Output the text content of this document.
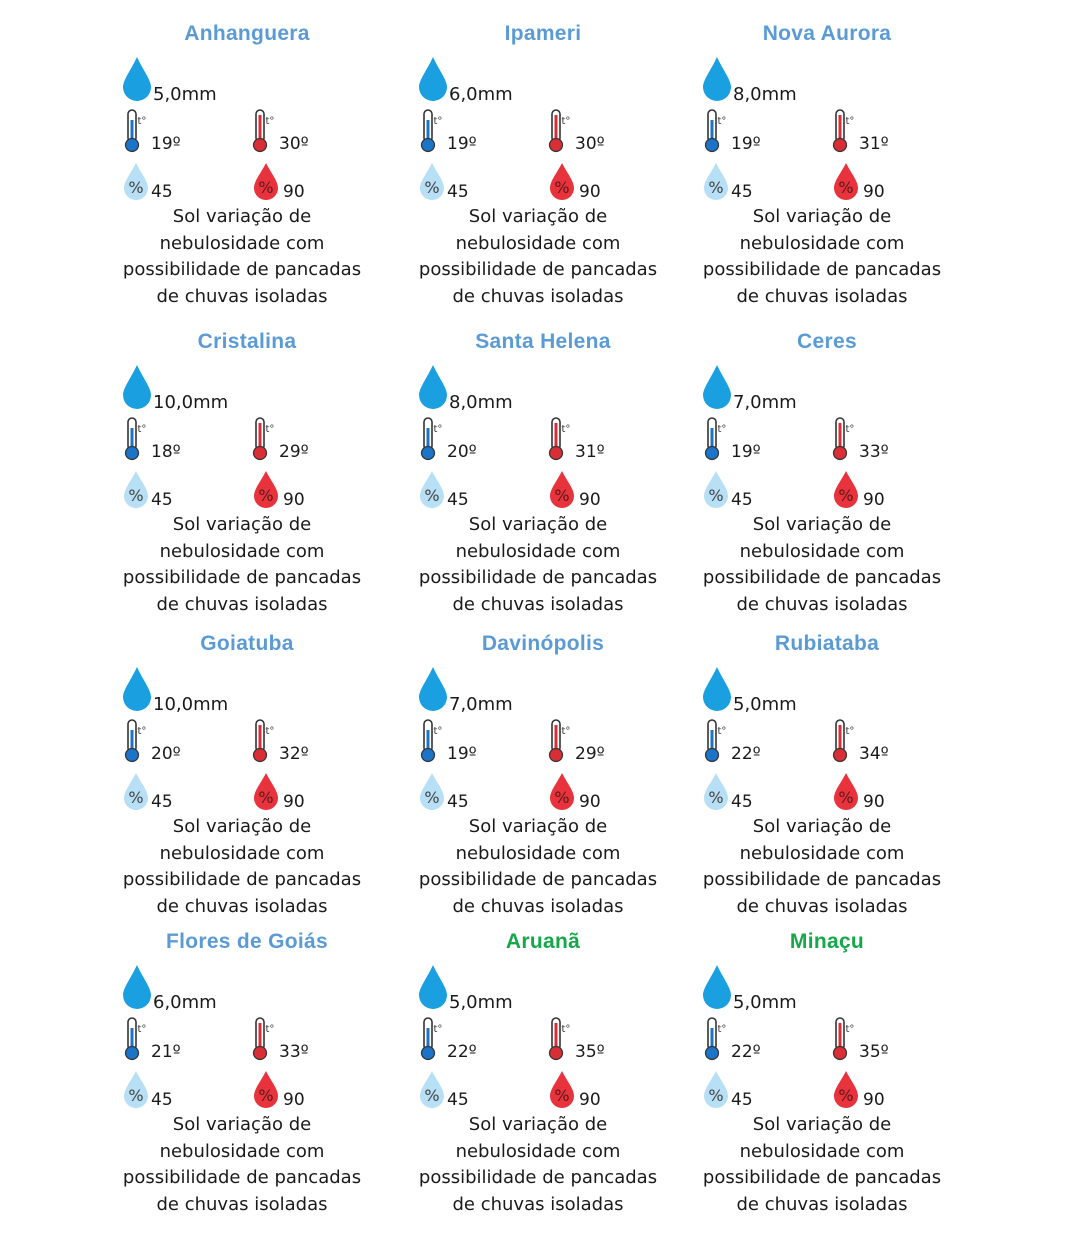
Anhanguera
5,0mm
t°
19º
t°
30º
% 45	% 90
Sol variação de nebulosidade com possibilidade de pancadas de chuvas isoladas
Ipameri
6,0mm
t°
19º
t°
30º
% 45	% 90
Sol variação de nebulosidade com possibilidade de pancadas de chuvas isoladas
Nova Aurora
8,0mm
t°
19º
t°
31º
% 45	% 90
Sol variação de nebulosidade com possibilidade de pancadas de chuvas isoladas
Cristalina
10,0mm
t°
18º
t°
29º
% 45	% 90
Sol variação de nebulosidade com possibilidade de pancadas de chuvas isoladas
Santa Helena
8,0mm
t°
20º
t°
31º
% 45	% 90
Sol variação de nebulosidade com possibilidade de pancadas de chuvas isoladas
Ceres
7,0mm
t°
19º
t°
33º
% 45	% 90
Sol variação de nebulosidade com possibilidade de pancadas de chuvas isoladas
Goiatuba
10,0mm
t°
20º
t°
32º
% 45	% 90
Sol variação de nebulosidade com possibilidade de pancadas de chuvas isoladas
Davinópolis
7,0mm
t°
19º
t°
29º
% 45	% 90
Sol variação de nebulosidade com possibilidade de pancadas de chuvas isoladas
Rubiataba
5,0mm
t°
22º
t°
34º
% 45	% 90
Sol variação de nebulosidade com possibilidade de pancadas de chuvas isoladas
Flores de Goiás
6,0mm
t°
21º
t°
33º
% 45	% 90
Sol variação de nebulosidade com possibilidade de pancadas de chuvas isoladas
Aruanã
5,0mm
t°
22º
t°
35º
% 45	% 90
Sol variação de nebulosidade com possibilidade de pancadas de chuvas isoladas
Minaçu
5,0mm
t°
22º
t°
35º
% 45	% 90
Sol variação de nebulosidade com possibilidade de pancadas de chuvas isoladas
